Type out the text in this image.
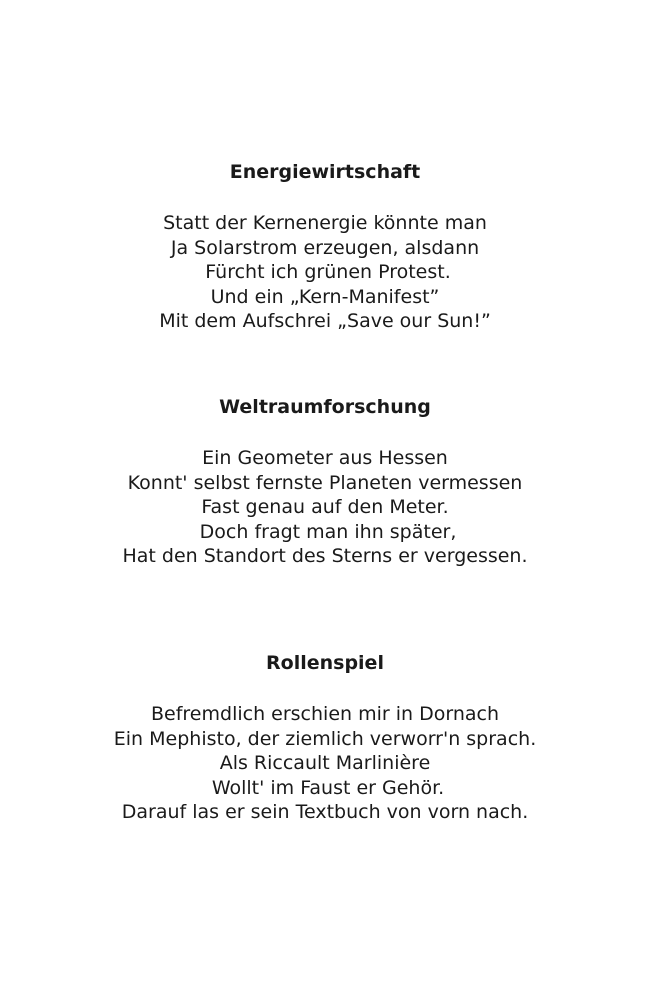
Energiewirtschaft
Statt der Kernenergie könnte man
Ja Solarstrom erzeugen, alsdann
Fürcht ich grünen Protest.
Und ein „Kern-Manifest”
Mit dem Aufschrei „Save our Sun!”
Weltraumforschung
Ein Geometer aus Hessen
Konnt' selbst fernste Planeten vermessen
Fast genau auf den Meter.
Doch fragt man ihn später,
Hat den Standort des Sterns er vergessen.
Rollenspiel
Befremdlich erschien mir in Dornach
Ein Mephisto, der ziemlich verworr'n sprach.
Als Riccault Marlinière
Wollt' im Faust er Gehör.
Darauf las er sein Textbuch von vorn nach.
